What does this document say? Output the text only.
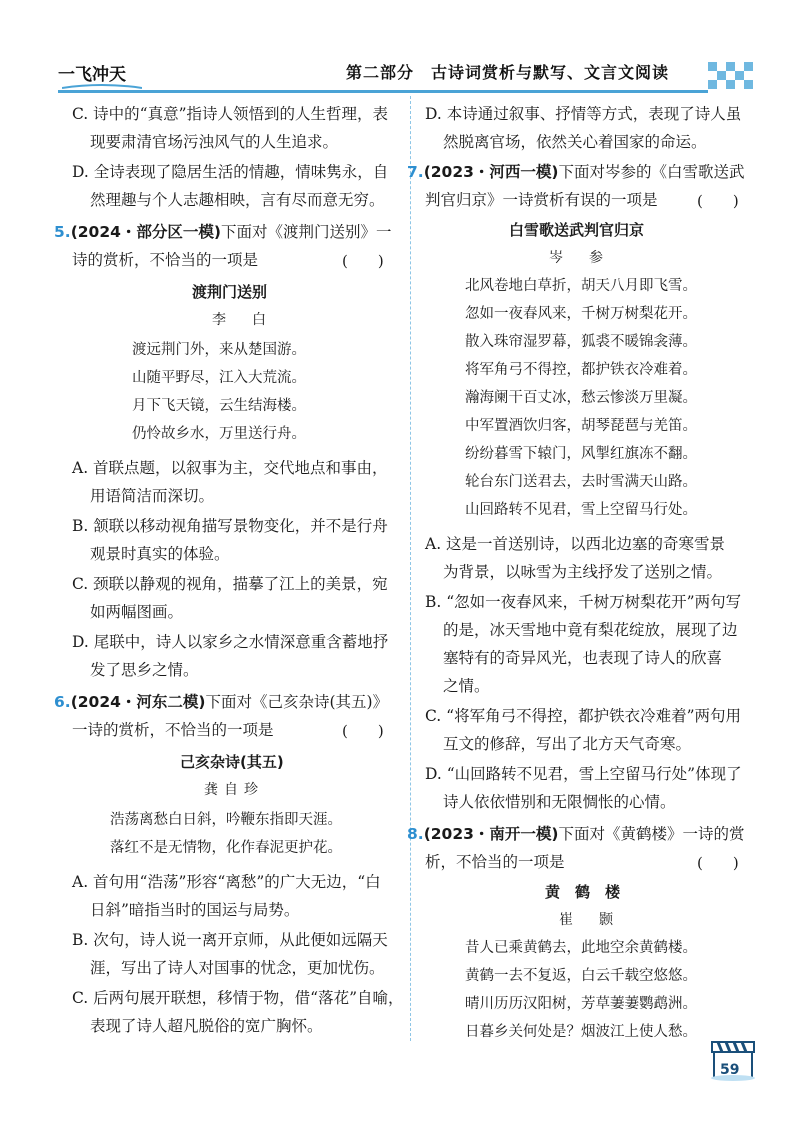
一飞冲天	第二部分　古诗词赏析与默写、文言文阅读
C. 诗中的“真意”指诗人领悟到的人生哲理，表
现要肃清官场污浊风气的人生追求。
D. 全诗表现了隐居生活的情趣，情味隽永，自
然理趣与个人志趣相映，言有尽而意无穷。
5.(2024・部分区一模)下面对《渡荆门送别》一
诗的赏析，不恰当的一项是	(　　)
渡荆门送别
李　白
渡远荆门外，来从楚国游。
山随平野尽，江入大荒流。
月下飞天镜，云生结海楼。
仍怜故乡水，万里送行舟。
A. 首联点题，以叙事为主，交代地点和事由，
用语简洁而深切。
B. 颔联以移动视角描写景物变化，并不是行舟
观景时真实的体验。
C. 颈联以静观的视角，描摹了江上的美景，宛
如两幅图画。
D. 尾联中，诗人以家乡之水情深意重含蓄地抒
发了思乡之情。
6.(2024・河东二模)下面对《己亥杂诗(其五)》
一诗的赏析，不恰当的一项是	(　　)
己亥杂诗(其五)
龚自珍
浩荡离愁白日斜，吟鞭东指即天涯。
落红不是无情物，化作春泥更护花。
A. 首句用“浩荡”形容“离愁”的广大无边，“白
日斜”暗指当时的国运与局势。
B. 次句，诗人说一离开京师，从此便如远隔天
涯，写出了诗人对国事的忧念，更加忧伤。
C. 后两句展开联想，移情于物，借“落花”自喻，
表现了诗人超凡脱俗的宽广胸怀。
D. 本诗通过叙事、抒情等方式，表现了诗人虽
然脱离官场，依然关心着国家的命运。
7.(2023・河西一模)下面对岑参的《白雪歌送武
判官归京》一诗赏析有误的一项是	(　　)
白雪歌送武判官归京
岑　参
北风卷地白草折，胡天八月即飞雪。
忽如一夜春风来，千树万树梨花开。
散入珠帘湿罗幕，狐裘不暖锦衾薄。
将军角弓不得控，都护铁衣冷难着。
瀚海阑干百丈冰，愁云惨淡万里凝。
中军置酒饮归客，胡琴琵琶与羌笛。
纷纷暮雪下辕门，风掣红旗冻不翻。
轮台东门送君去，去时雪满天山路。
山回路转不见君，雪上空留马行处。
A. 这是一首送别诗，以西北边塞的奇寒雪景
为背景，以咏雪为主线抒发了送别之情。
B. “忽如一夜春风来，千树万树梨花开”两句写
的是，冰天雪地中竟有梨花绽放，展现了边
塞特有的奇异风光，也表现了诗人的欣喜
之情。
C. “将军角弓不得控，都护铁衣冷难着”两句用
互文的修辞，写出了北方天气奇寒。
D. “山回路转不见君，雪上空留马行处”体现了
诗人依依惜别和无限惆怅的心情。
8.(2023・南开一模)下面对《黄鹤楼》一诗的赏
析，不恰当的一项是	(　　)
黄　鹤　楼
崔　颢
昔人已乘黄鹤去，此地空余黄鹤楼。
黄鹤一去不复返，白云千载空悠悠。
晴川历历汉阳树，芳草萋萋鹦鹉洲。
日暮乡关何处是？烟波江上使人愁。
59
